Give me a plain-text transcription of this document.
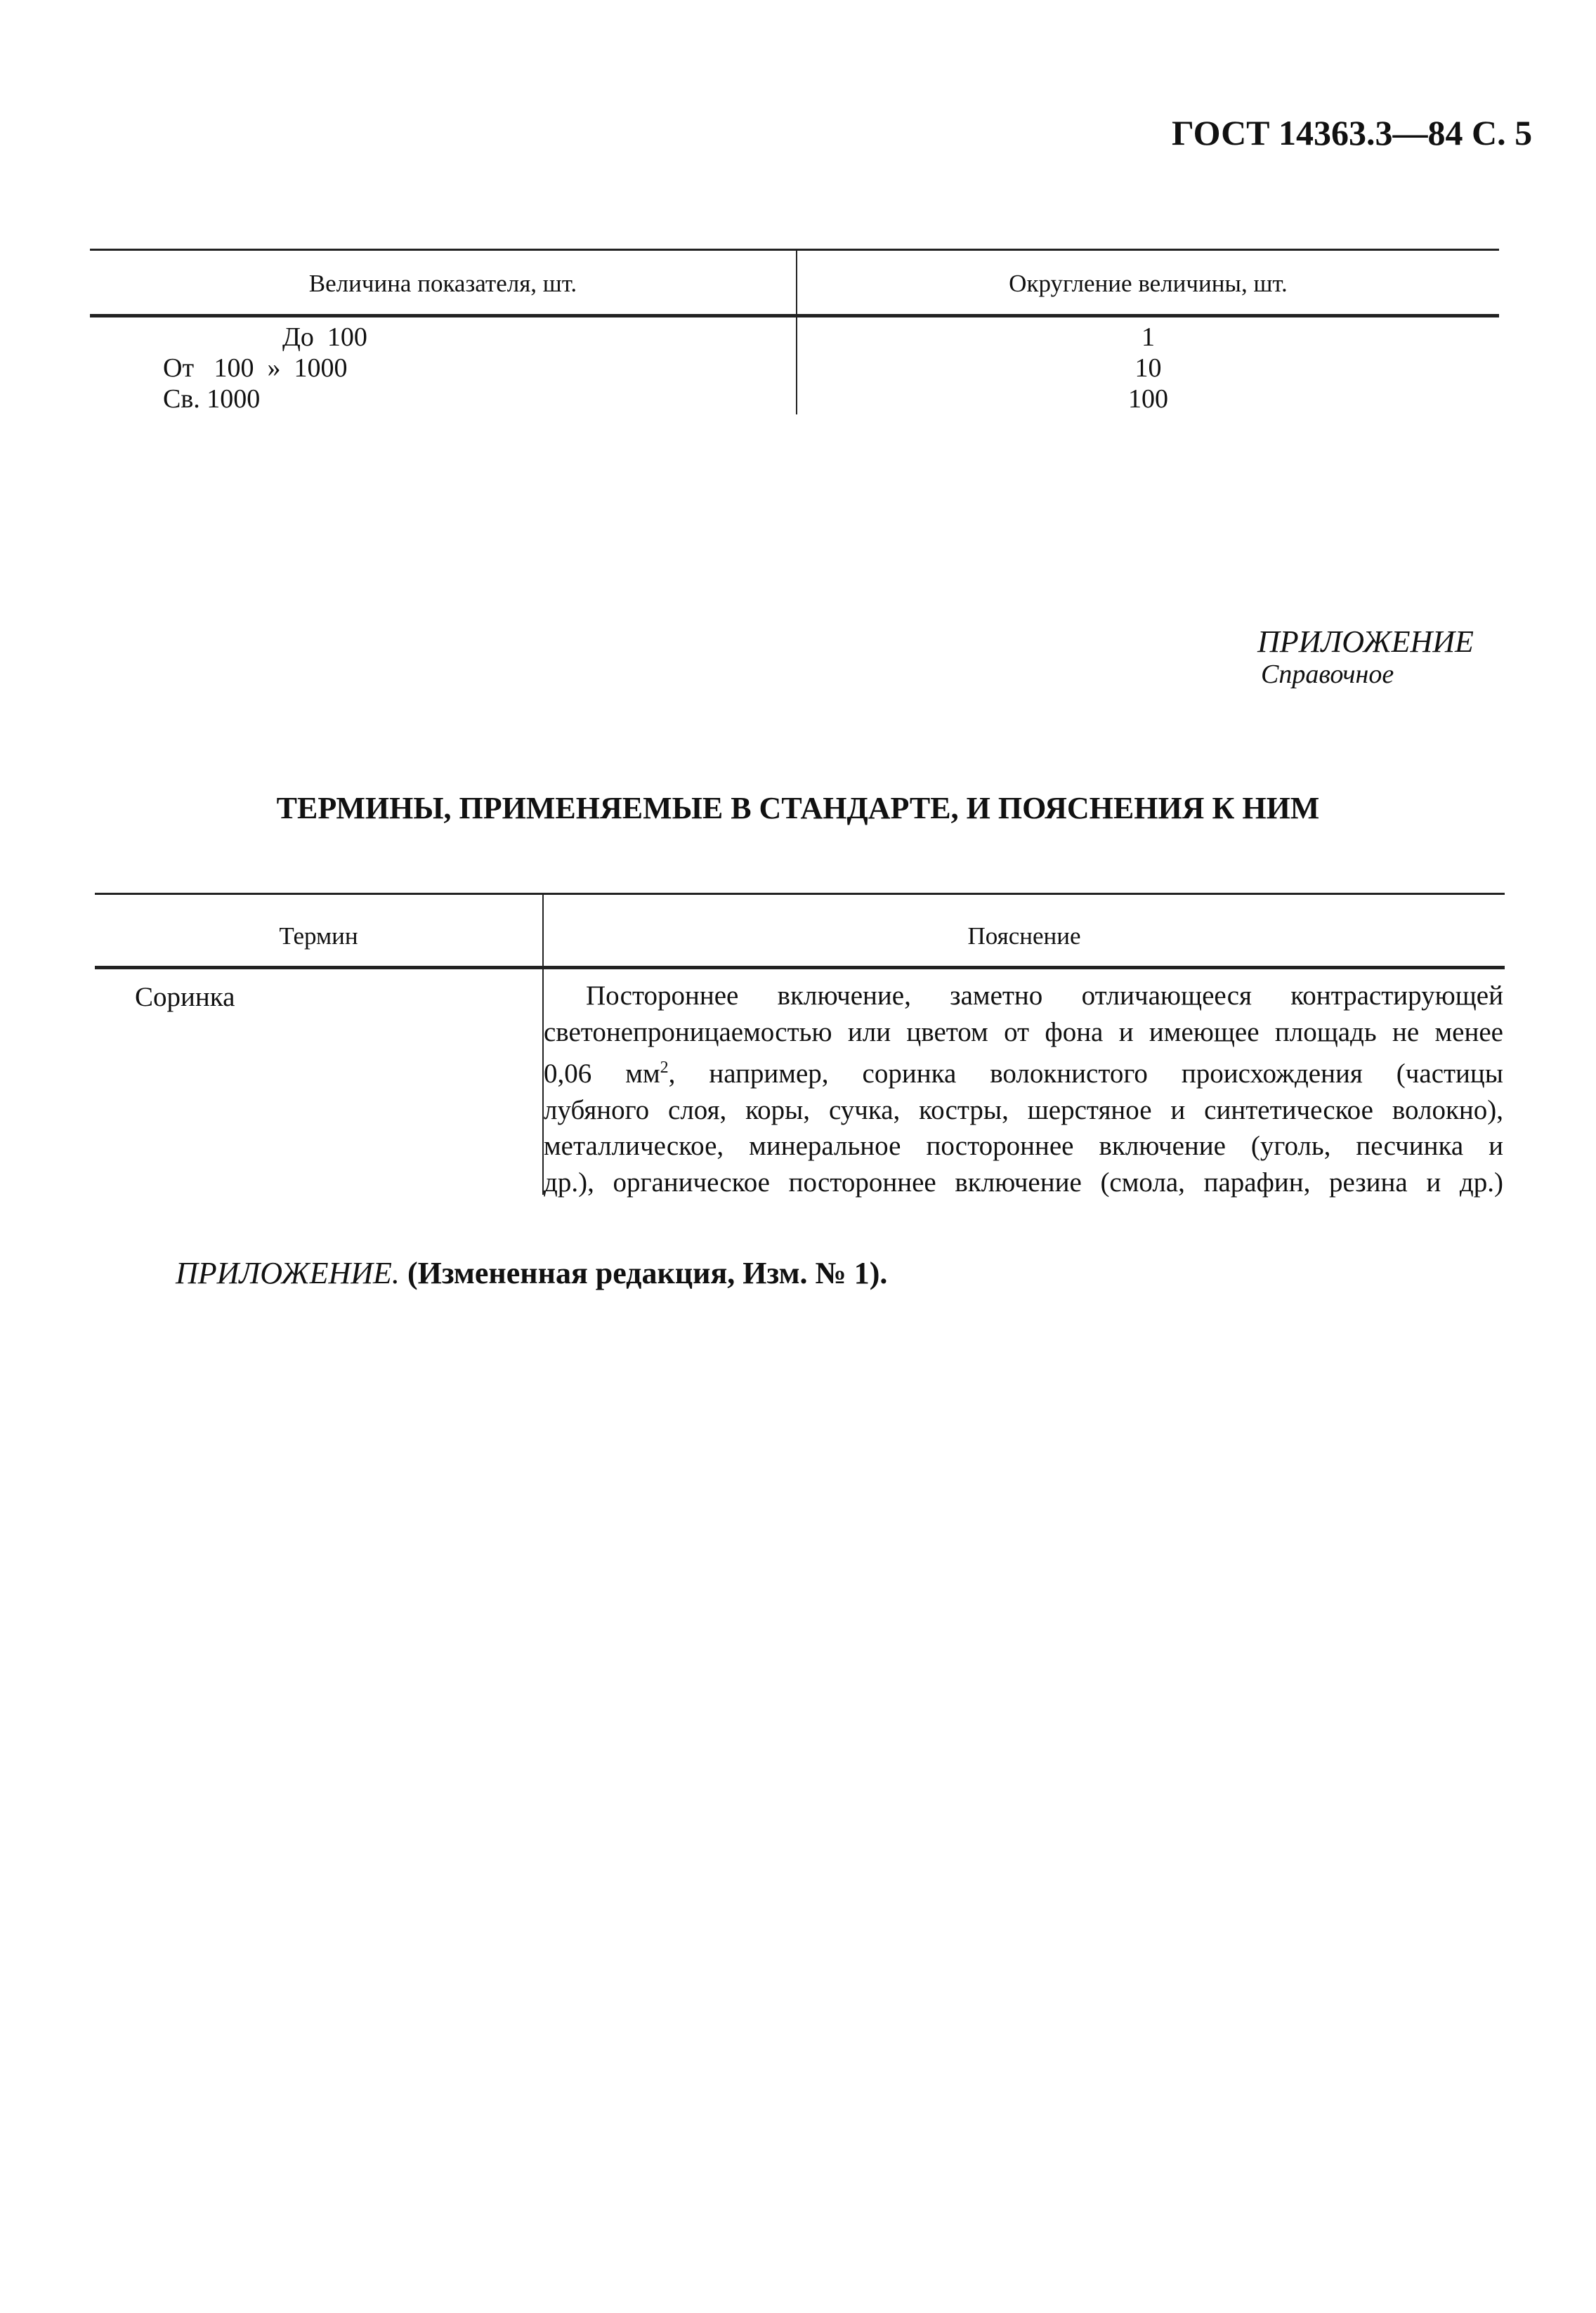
ГОСТ 14363.3—84 С. 5
Величина показателя, шт.	Округление величины, шт.
До  100	1
От   100  »  1000	10
Св. 1000	100
ПРИЛОЖЕНИЕ
Справочное
ТЕРМИНЫ, ПРИМЕНЯЕМЫЕ В СТАНДАРТЕ, И ПОЯСНЕНИЯ К НИМ
Термин	Пояснение
Соринка	Постороннее включение, заметно отличающееся контрастирующей
светонепроницаемостью или цветом от фона и имеющее площадь не менее
0,06 $мм^2$, например, соринка волокнистого происхождения (частицы
лубяного слоя, коры, сучка, костры, шерстяное и синтетическое волокно),
металлическое, минеральное постороннее включение (уголь, песчинка и
др.), органическое постороннее включение (смола, парафин, резина и др.)
ПРИЛОЖЕНИЕ. (Измененная редакция, Изм. № 1).
